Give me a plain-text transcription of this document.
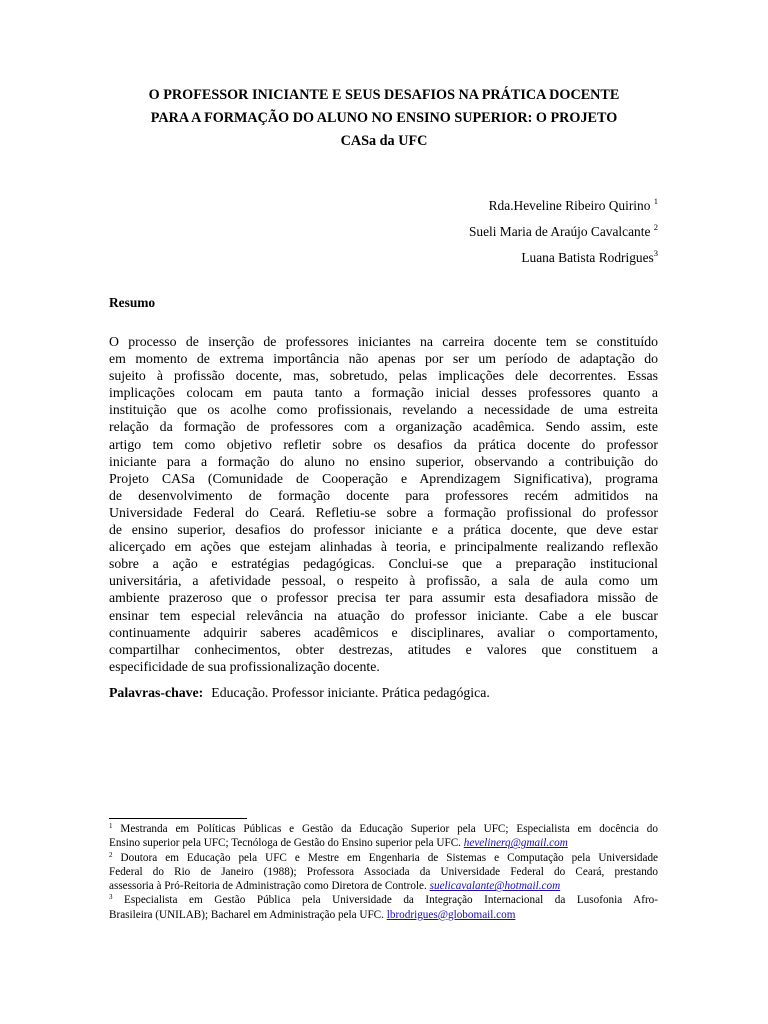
O PROFESSOR INICIANTE E SEUS DESAFIOS NA PRÁTICA DOCENTE
PARA A FORMAÇÃO DO ALUNO NO ENSINO SUPERIOR: O PROJETO
CASa da UFC
Rda.Heveline Ribeiro Quirino $^1$
Sueli Maria de Araújo Cavalcante $^2$
Luana Batista Rodrigues$^3$
Resumo
O processo de inserção de professores iniciantes na carreira docente tem se constituído
em momento de extrema importância não apenas por ser um período de adaptação do
sujeito à profissão docente, mas, sobretudo, pelas implicações dele decorrentes. Essas
implicações colocam em pauta tanto a formação inicial desses professores quanto a
instituição que os acolhe como profissionais, revelando a necessidade de uma estreita
relação da formação de professores com a organização acadêmica. Sendo assim, este
artigo tem como objetivo refletir sobre os desafios da prática docente do professor
iniciante para a formação do aluno no ensino superior, observando a contribuição do
Projeto CASa (Comunidade de Cooperação e Aprendizagem Significativa), programa
de desenvolvimento de formação docente para professores recém admitidos na
Universidade Federal do Ceará. Refletiu-se sobre a formação profissional do professor
de ensino superior, desafios do professor iniciante e a prática docente, que deve estar
alicerçado em ações que estejam alinhadas à teoria, e principalmente realizando reflexão
sobre a ação e estratégias pedagógicas. Conclui-se que a preparação institucional
universitária, a afetividade pessoal, o respeito à profissão, a sala de aula como um
ambiente prazeroso que o professor precisa ter para assumir esta desafiadora missão de
ensinar tem especial relevância na atuação do professor iniciante. Cabe a ele buscar
continuamente adquirir saberes acadêmicos e disciplinares, avaliar o comportamento,
compartilhar conhecimentos, obter destrezas, atitudes e valores que constituem a
especificidade de sua profissionalização docente.
Palavras-chave: Educação. Professor iniciante. Prática pedagógica.
$^1$ Mestranda em Políticas Públicas e Gestão da Educação Superior pela UFC; Especialista em docência do
Ensino superior pela UFC; Tecnóloga de Gestão do Ensino superior pela UFC. hevelinerq@gmail.com
$^2$ Doutora em Educação pela UFC e Mestre em Engenharia de Sistemas e Computação pela Universidade
Federal do Rio de Janeiro (1988); Professora Associada da Universidade Federal do Ceará, prestando
assessoria à Pró-Reitoria de Administração como Diretora de Controle. suelicavalante@hotmail.com
$^3$ Especialista em Gestão Pública pela Universidade da Integração Internacional da Lusofonia Afro-
Brasileira (UNILAB); Bacharel em Administração pela UFC. lbrodrigues@globomail.com
